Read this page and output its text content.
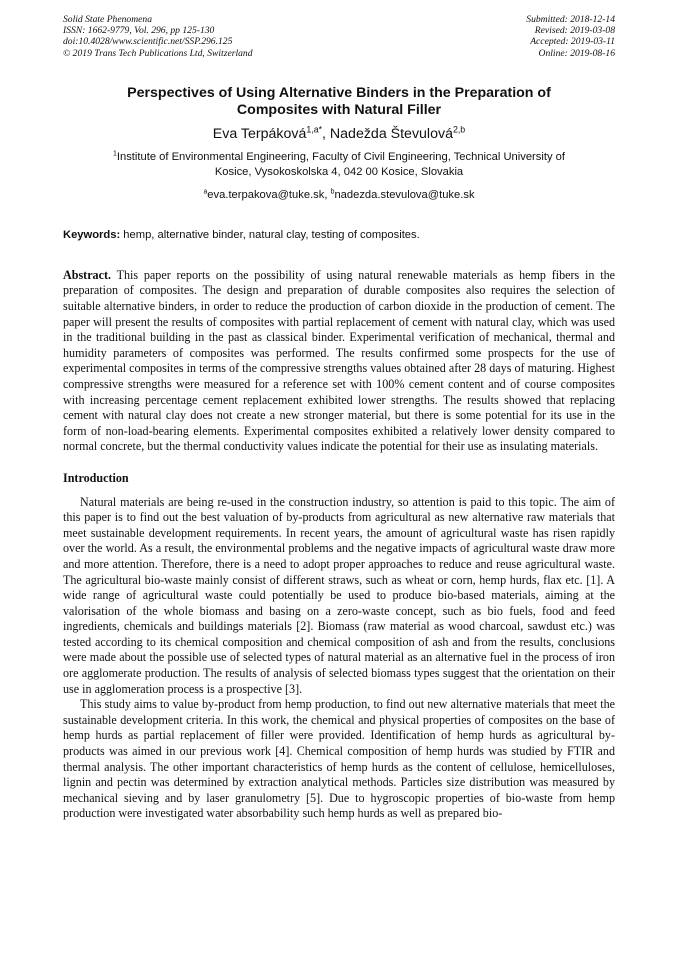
Solid State Phenomena
ISSN: 1662-9779, Vol. 296, pp 125-130
doi:10.4028/www.scientific.net/SSP.296.125
© 2019 Trans Tech Publications Ltd, Switzerland
Submitted: 2018-12-14
Revised: 2019-03-08
Accepted: 2019-03-11
Online: 2019-08-16
Perspectives of Using Alternative Binders in the Preparation of
Composites with Natural Filler
Eva Terpáková$^{1,a*}$, Nadežda Števulová$^{2,b}$
$^1$Institute of Environmental Engineering, Faculty of Civil Engineering, Technical University of
Kosice, Vysokoskolska 4, 042 00 Kosice, Slovakia
$^a$eva.terpakova@tuke.sk, $^b$nadezda.stevulova@tuke.sk
Keywords: hemp, alternative binder, natural clay, testing of composites.
Abstract. This paper reports on the possibility of using natural renewable materials as hemp fibers in the preparation of composites. The design and preparation of durable composites also requires the selection of suitable alternative binders, in order to reduce the production of carbon dioxide in the production of cement. The paper will present the results of composites with partial replacement of cement with natural clay, which was used in the traditional building in the past as classical binder. Experimental verification of mechanical, thermal and humidity parameters of composites was performed. The results confirmed some prospects for the use of experimental composites in terms of the compressive strengths values obtained after 28 days of maturing. Highest compressive strengths were measured for a reference set with 100% cement content and of course composites with increasing percentage cement replacement exhibited lower strengths. The results showed that replacing cement with natural clay does not create a new stronger material, but there is some potential for its use in the form of non-load-bearing elements. Experimental composites exhibited a relatively lower density compared to normal concrete, but the thermal conductivity values indicate the potential for their use as insulating materials.
Introduction

Natural materials are being re-used in the construction industry, so attention is paid to this topic. The aim of this paper is to find out the best valuation of by-products from agricultural as new alternative raw materials that meet sustainable development requirements. In recent years, the amount of agricultural waste has risen rapidly over the world. As a result, the environmental problems and the negative impacts of agricultural waste draw more and more attention. Therefore, there is a need to adopt proper approaches to reduce and reuse agricultural waste. The agricultural bio-waste mainly consist of different straws, such as wheat or corn, hemp hurds, flax etc. [1]. A wide range of agricultural waste could potentially be used to produce bio-based materials, aiming at the valorisation of the whole biomass and basing on a zero-waste concept, such as bio fuels, food and feed ingredients, chemicals and buildings materials [2]. Biomass (raw material as wood charcoal, sawdust etc.) was tested according to its chemical composition and chemical composition of ash and from the results, conclusions were made about the possible use of selected types of natural material as an alternative fuel in the process of iron ore agglomerate production. The results of analysis of selected biomass types suggest that the orientation on their use in agglomeration process is a prospective [3].

This study aims to value by-product from hemp production, to find out new alternative materials that meet the sustainable development criteria. In this work, the chemical and physical properties of composites on the base of hemp hurds as partial replacement of filler were provided. Identification of hemp hurds as agricultural by-products was aimed in our previous work [4]. Chemical composition of hemp hurds was studied by FTIR and thermal analysis. The other important characteristics of hemp hurds as the content of cellulose, hemicelluloses, lignin and pectin was determined by extraction analytical methods. Particles size distribution was measured by mechanical sieving and by laser granulometry [5]. Due to hygroscopic properties of bio-waste from hemp production were investigated water absorbability such hemp hurds as well as prepared bio-
